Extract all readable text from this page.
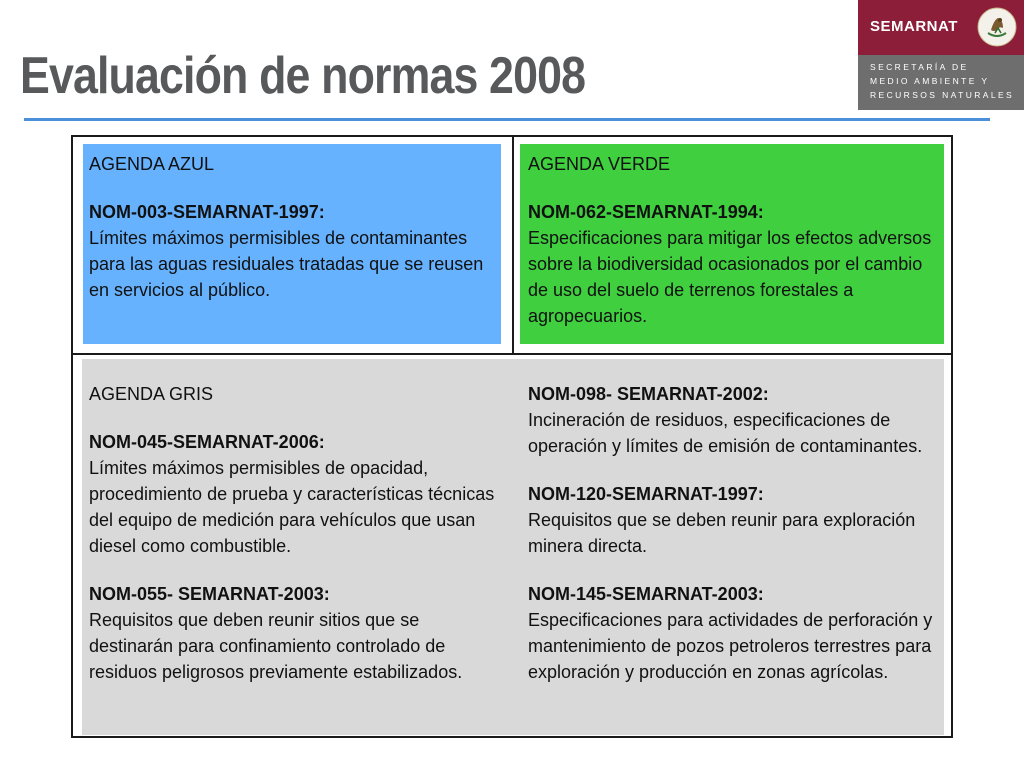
Evaluación de normas 2008
SEMARNAT
SECRETARÍA DE
MEDIO AMBIENTE Y
RECURSOS NATURALES
AGENDA AZUL
NOM-003-SEMARNAT-1997:
Límites máximos permisibles de contaminantes para las aguas residuales tratadas que se reusen en servicios al público.
AGENDA VERDE
NOM-062-SEMARNAT-1994:
Especificaciones para mitigar los efectos adversos sobre la biodiversidad ocasionados por el cambio de uso del suelo de terrenos forestales a agropecuarios.
AGENDA GRIS
NOM-045-SEMARNAT-2006:
Límites máximos permisibles de opacidad, procedimiento de prueba y características técnicas del equipo de medición para vehículos que usan diesel como combustible.
NOM-055- SEMARNAT-2003:
Requisitos que deben reunir sitios que se destinarán para confinamiento controlado de residuos peligrosos previamente estabilizados.
NOM-098- SEMARNAT-2002:
Incineración de residuos, especificaciones de operación y límites de emisión de contaminantes.
NOM-120-SEMARNAT-1997:
Requisitos que se deben reunir para exploración minera directa.
NOM-145-SEMARNAT-2003:
Especificaciones para actividades de perforación y mantenimiento de pozos petroleros terrestres para exploración y producción en zonas agrícolas.
